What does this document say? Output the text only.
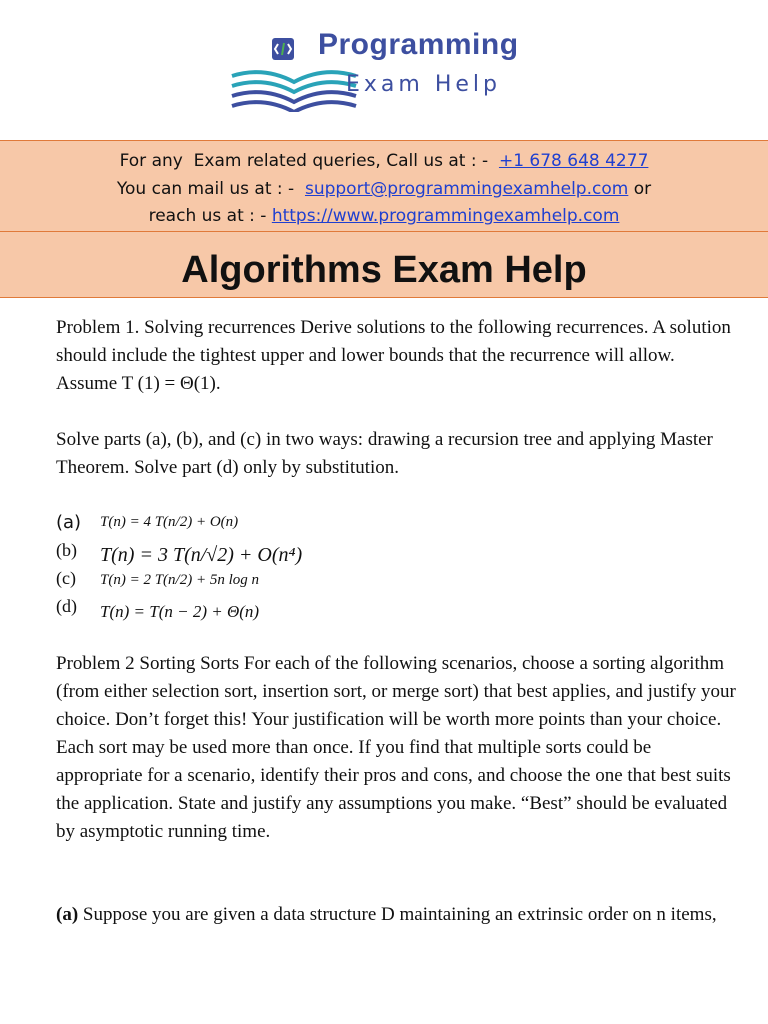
Programming
Exam Help
For any  Exam related queries, Call us at : -  +1 678 648 4277
You can mail us at : -  support@programmingexamhelp.com or
reach us at : - https://www.programmingexamhelp.com
Algorithms Exam Help
Problem 1. Solving recurrences Derive solutions to the following recurrences. A solution should include the tightest upper and lower bounds that the recurrence will allow. Assume T (1) = Θ(1).
Solve parts (a), (b), and (c) in two ways: drawing a recursion tree and applying Master Theorem. Solve part (d) only by substitution.
(a) T(n) = 4 T(n/2) + O(n)
(b) T(n) = 3 T(n/√2) + O(n⁴)
(c) T(n) = 2 T(n/2) + 5n log n
(d) T(n) = T(n − 2) + Θ(n)
Problem 2 Sorting Sorts For each of the following scenarios, choose a sorting algorithm (from either selection sort, insertion sort, or merge sort) that best applies, and justify your choice. Don’t forget this! Your justification will be worth more points than your choice. Each sort may be used more than once. If you find that multiple sorts could be appropriate for a scenario, identify their pros and cons, and choose the one that best suits the application. State and justify any assumptions you make. “Best” should be evaluated by asymptotic running time.
(a) Suppose you are given a data structure D maintaining an extrinsic order on n items,
